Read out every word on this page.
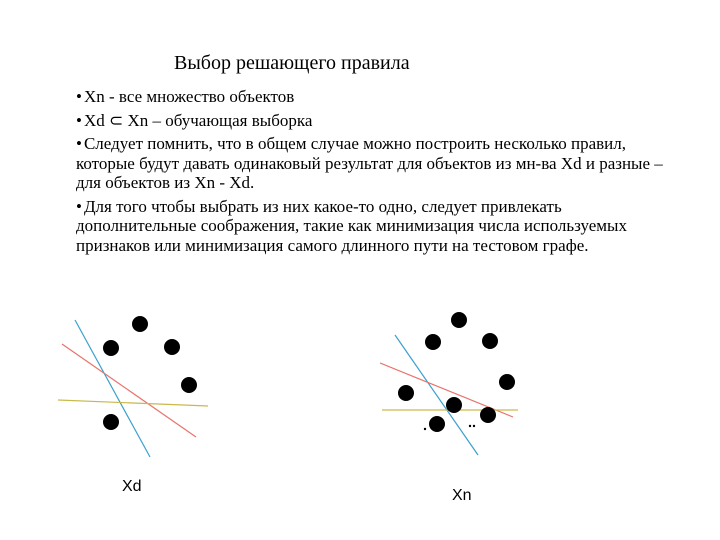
Выбор решающего правила
• Xn - все множество объектов
• Xd ⊂ Xn – обучающая выборка
• Следует помнить, что в общем случае можно построить несколько правил, которые будут давать одинаковый результат для объектов из мн-ва Xd и разные – для объектов из Xn - Xd.
• Для того чтобы выбрать из них какое-то одно, следует привлекать дополнительные соображения, такие как минимизация числа используемых признаков или минимизация самого длинного пути на тестовом графе.
Xd
Xn
